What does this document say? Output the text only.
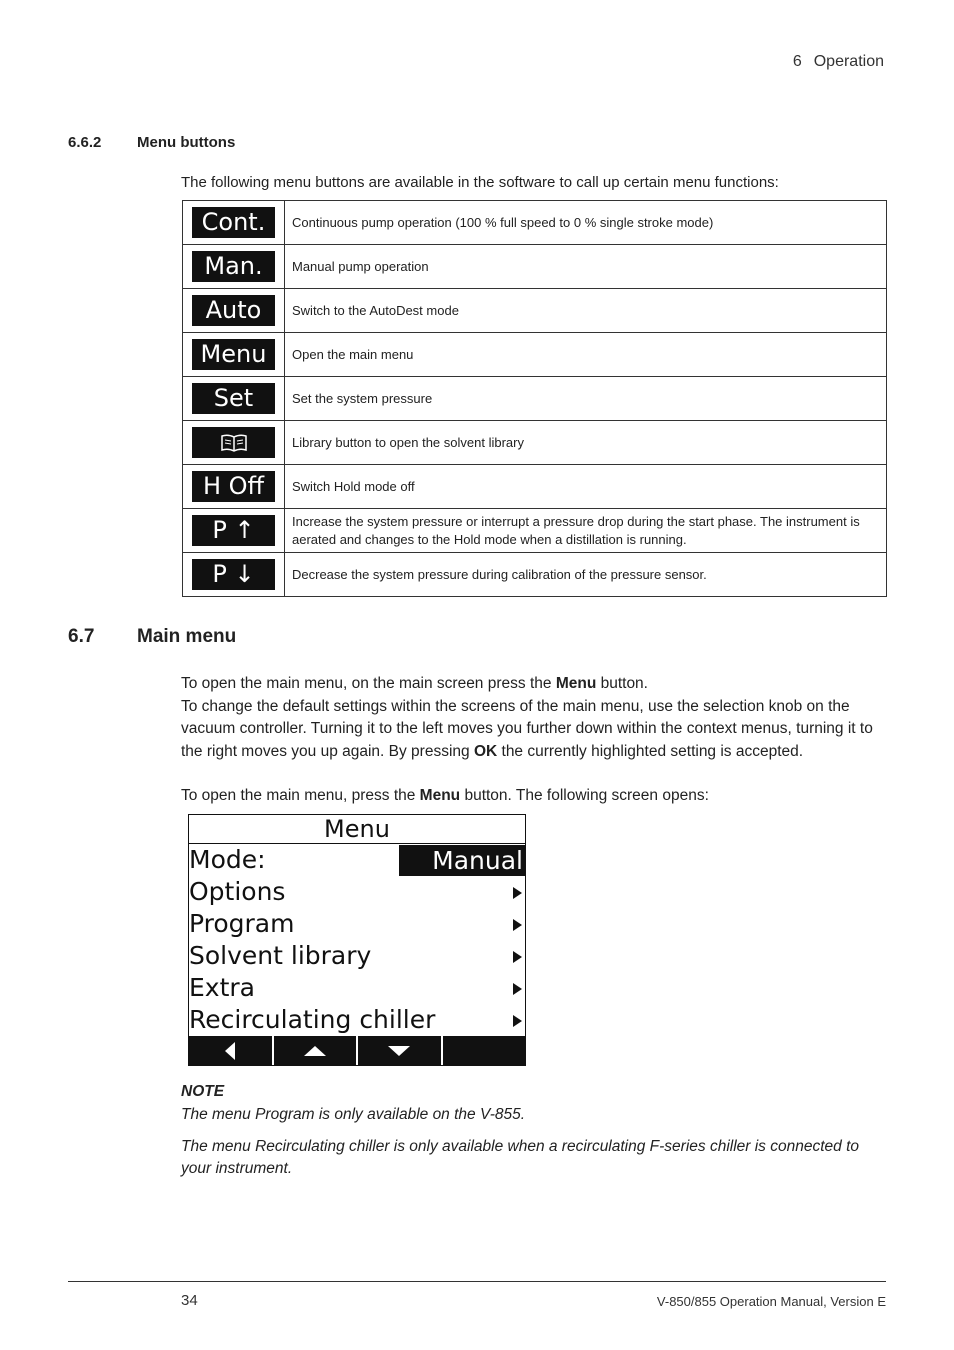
6 Operation
6.6.2 Menu buttons
The following menu buttons are available in the software to call up certain menu functions:
Cont.	Continuous pump operation (100 % full speed to 0 % single stroke mode)
Man.	Manual pump operation
Auto	Switch to the AutoDest mode
Menu	Open the main menu
Set	Set the system pressure
	Library button to open the solvent library
H Off	Switch Hold mode off
P ↑	Increase the system pressure or interrupt a pressure drop during the start phase. The instrument is aerated and changes to the Hold mode when a distillation is running.
P ↓	Decrease the system pressure during calibration of the pressure sensor.
6.7 Main menu
To open the main menu, on the main screen press the Menu button.
To change the default settings within the screens of the main menu, use the selection knob on the vacuum controller. Turning it to the left moves you further down within the context menus, turning it to the right moves you up again. By pressing OK the currently highlighted setting is accepted.
To open the main menu, press the Menu button. The following screen opens:
Menu
Mode:	Manual
Options
Program
Solvent library
Extra
Recirculating chiller
NOTE
The menu Program is only available on the V-855.
The menu Recirculating chiller is only available when a recirculating F-series chiller is connected to your instrument.
34	V-850/855 Operation Manual, Version E
